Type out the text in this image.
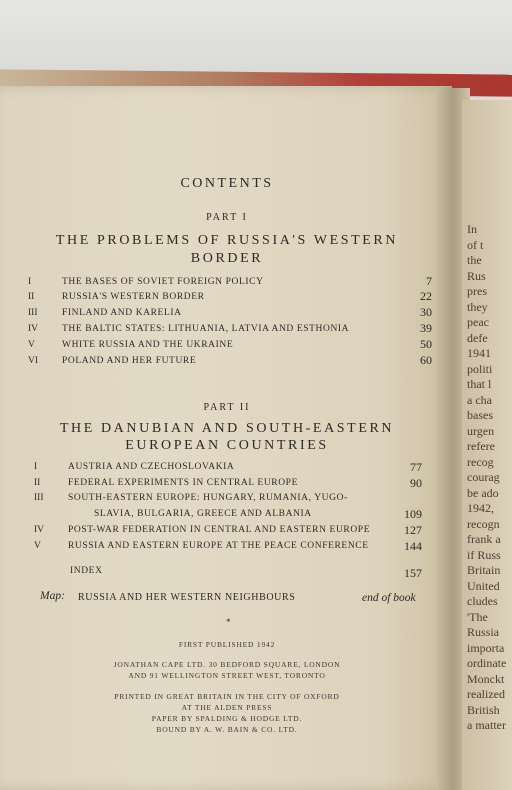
In
of t
the
Rus
pres
they
peac
defe
1941
politi
that l
a cha
bases
urgen
refere
recog
courag
be ado
1942,
recogn
frank a
if Russ
Britain
United
cludes
'The
Russia
importa
ordinate
Monckt
realized
British
a matter
CONTENTS
PART I
THE PROBLEMS OF RUSSIA'S WESTERN
BORDER
I	THE BASES OF SOVIET FOREIGN POLICY	7
II	RUSSIA'S WESTERN BORDER	22
III	FINLAND AND KARELIA	30
IV	THE BALTIC STATES: LITHUANIA, LATVIA AND ESTHONIA	39
V	WHITE RUSSIA AND THE UKRAINE	50
VI	POLAND AND HER FUTURE	60
PART II
THE DANUBIAN AND SOUTH-EASTERN
EUROPEAN COUNTRIES
I	AUSTRIA AND CZECHOSLOVAKIA	77
II	FEDERAL EXPERIMENTS IN CENTRAL EUROPE	90
III	SOUTH-EASTERN EUROPE: HUNGARY, RUMANIA, YUGO-
SLAVIA, BULGARIA, GREECE AND ALBANIA	109
IV	POST-WAR FEDERATION IN CENTRAL AND EASTERN EUROPE	127
V	RUSSIA AND EASTERN EUROPE AT THE PEACE CONFERENCE	144
INDEX	157
Map: RUSSIA AND HER WESTERN NEIGHBOURS	end of book
*
FIRST PUBLISHED 1942
JONATHAN CAPE LTD. 30 BEDFORD SQUARE, LONDON
AND 91 WELLINGTON STREET WEST, TORONTO
PRINTED IN GREAT BRITAIN IN THE CITY OF OXFORD
AT THE ALDEN PRESS
PAPER BY SPALDING & HODGE LTD.
BOUND BY A. W. BAIN & CO. LTD.
